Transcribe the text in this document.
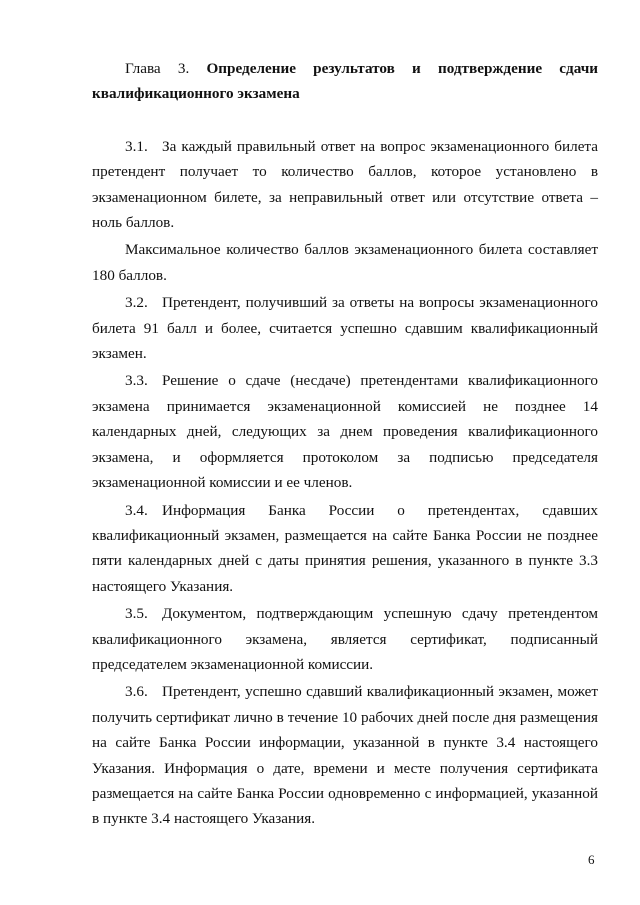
Глава 3. Определение результатов и подтверждение сдачи квалификационного экзамена

3.1. За каждый правильный ответ на вопрос экзаменационного билета претендент получает то количество баллов, которое установлено в экзаменационном билете, за неправильный ответ или отсутствие ответа – ноль баллов.

Максимальное количество баллов экзаменационного билета составляет 180 баллов.

3.2. Претендент, получивший за ответы на вопросы экзаменационного билета 91 балл и более, считается успешно сдавшим квалификационный экзамен.

3.3. Решение о сдаче (несдаче) претендентами квалификационного экзамена принимается экзаменационной комиссией не позднее 14 календарных дней, следующих за днем проведения квалификационного экзамена, и оформляется протоколом за подписью председателя экзаменационной комиссии и ее членов.

3.4. Информация Банка России о претендентах, сдавших квалификационный экзамен, размещается на сайте Банка России не позднее пяти календарных дней с даты принятия решения, указанного в пункте 3.3 настоящего Указания.

3.5. Документом, подтверждающим успешную сдачу претендентом квалификационного экзамена, является сертификат, подписанный председателем экзаменационной комиссии.

3.6. Претендент, успешно сдавший квалификационный экзамен, может получить сертификат лично в течение 10 рабочих дней после дня размещения на сайте Банка России информации, указанной в пункте 3.4 настоящего Указания. Информация о дате, времени и месте получения сертификата размещается на сайте Банка России одновременно с информацией, указанной в пункте 3.4 настоящего Указания.

6
